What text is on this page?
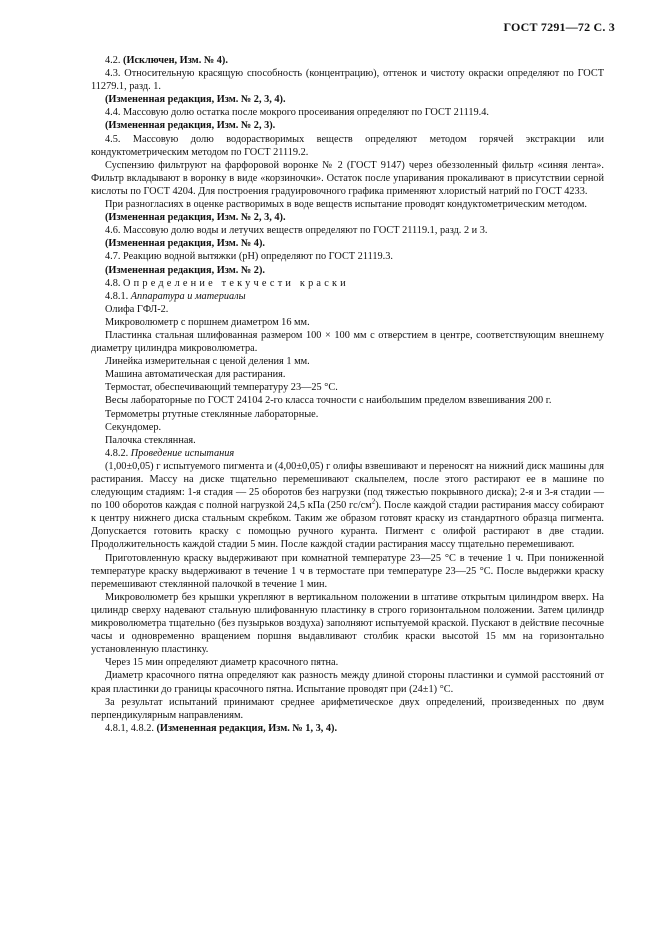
ГОСТ 7291—72 С. 3

4.2. (Исключен, Изм. № 4).

4.3. Относительную красящую способность (концентрацию), оттенок и чистоту окраски определяют по ГОСТ 11279.1, разд. 1.

(Измененная редакция, Изм. № 2, 3, 4).

4.4. Массовую долю остатка после мокрого просеивания определяют по ГОСТ 21119.4.

(Измененная редакция, Изм. № 2, 3).

4.5. Массовую долю водорастворимых веществ определяют методом горячей экстракции или кондуктометрическим методом по ГОСТ 21119.2.

Суспензию фильтруют на фарфоровой воронке № 2 (ГОСТ 9147) через обеззоленный фильтр «синяя лента». Фильтр вкладывают в воронку в виде «корзиночки». Остаток после упаривания прокаливают в присутствии серной кислоты по ГОСТ 4204. Для построения градуировочного графика применяют хлористый натрий по ГОСТ 4233.

При разногласиях в оценке растворимых в воде веществ испытание проводят кондуктометрическим методом.

(Измененная редакция, Изм. № 2, 3, 4).

4.6. Массовую долю воды и летучих веществ определяют по ГОСТ 21119.1, разд. 2 и 3.

(Измененная редакция, Изм. № 4).

4.7. Реакцию водной вытяжки (рН) определяют по ГОСТ 21119.3.

(Измененная редакция, Изм. № 2).

4.8. Определение текучести краски

4.8.1. Аппаратура и материалы

Олифа ГФЛ-2.

Микроволюметр с поршнем диаметром 16 мм.

Пластинка стальная шлифованная размером 100 × 100 мм с отверстием в центре, соответствующим внешнему диаметру цилиндра микроволюметра.

Линейка измерительная с ценой деления 1 мм.

Машина автоматическая для растирания.

Термостат, обеспечивающий температуру 23—25 °С.

Весы лабораторные по ГОСТ 24104 2-го класса точности с наибольшим пределом взвешивания 200 г.

Термометры ртутные стеклянные лабораторные.

Секундомер.

Палочка стеклянная.

4.8.2. Проведение испытания

(1,00±0,05) г испытуемого пигмента и (4,00±0,05) г олифы взвешивают и переносят на нижний диск машины для растирания. Массу на диске тщательно перемешивают скальпелем, после этого растирают ее в машине по следующим стадиям: 1-я стадия — 25 оборотов без нагрузки (под тяжестью покрывного диска); 2-я и 3-я стадии — по 100 оборотов каждая с полной нагрузкой 24,5 кПа (250 $гс/см^2$). После каждой стадии растирания массу собирают к центру нижнего диска стальным скребком. Таким же образом готовят краску из стандартного образца пигмента. Допускается готовить краску с помощью ручного куранта. Пигмент с олифой растирают в две стадии. Продолжительность каждой стадии 5 мин. После каждой стадии растирания массу тщательно перемешивают.

Приготовленную краску выдерживают при комнатной температуре 23—25 °С в течение 1 ч. При пониженной температуре краску выдерживают в течение 1 ч в термостате при температуре 23—25 °С. После выдержки краску перемешивают стеклянной палочкой в течение 1 мин.

Микроволюметр без крышки укрепляют в вертикальном положении в штативе открытым цилиндром вверх. На цилиндр сверху надевают стальную шлифованную пластинку в строго горизонтальном положении. Затем цилиндр микроволюметра тщательно (без пузырьков воздуха) заполняют испытуемой краской. Пускают в действие песочные часы и одновременно вращением поршня выдавливают столбик краски высотой 15 мм на горизонтально установленную пластинку.

Через 15 мин определяют диаметр красочного пятна.

Диаметр красочного пятна определяют как разность между длиной стороны пластинки и суммой расстояний от края пластинки до границы красочного пятна. Испытание проводят при (24±1) °С.

За результат испытаний принимают среднее арифметическое двух определений, произведенных по двум перпендикулярным направлениям.

4.8.1, 4.8.2. (Измененная редакция, Изм. № 1, 3, 4).
